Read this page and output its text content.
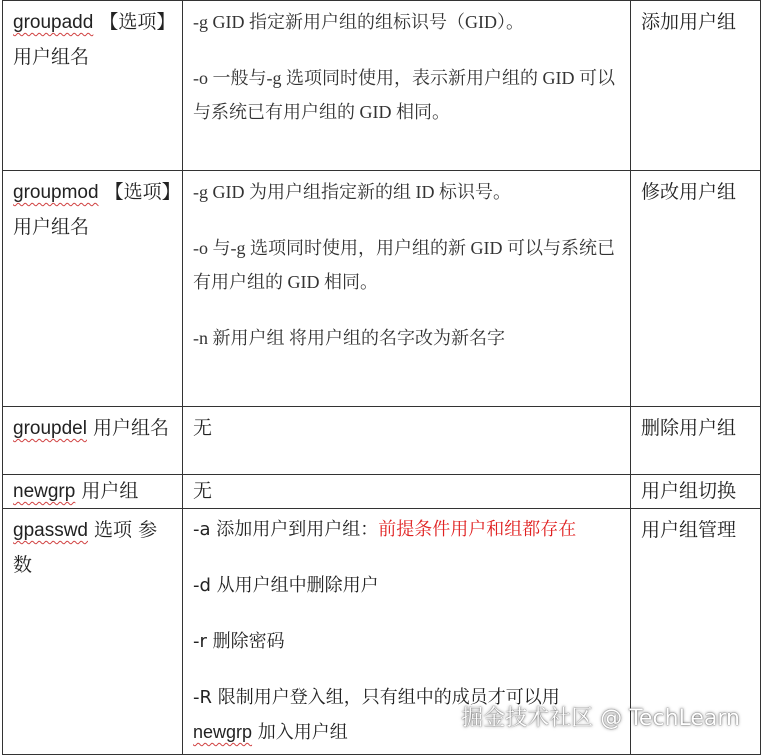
groupadd 【选项】用户组名	-g GID 指定新用户组的组标识号（GID）。
-o 一般与-g 选项同时使用，表示新用户组的 GID 可以与系统已有用户组的 GID 相同。	添加用户组
groupmod 【选项】用户组名	-g GID 为用户组指定新的组 ID 标识号。
-o 与-g 选项同时使用，用户组的新 GID 可以与系统已有用户组的 GID 相同。
-n 新用户组 将用户组的名字改为新名字	修改用户组
groupdel 用户组名	无	删除用户组
newgrp 用户组	无	用户组切换
gpasswd 选项 参数	-a 添加用户到用户组：前提条件用户和组都存在
-d 从用户组中删除用户
-r 删除密码
-R 限制用户登入组，只有组中的成员才可以用 newgrp 加入用户组	用户组管理
掘金技术社区 @ TechLearn
